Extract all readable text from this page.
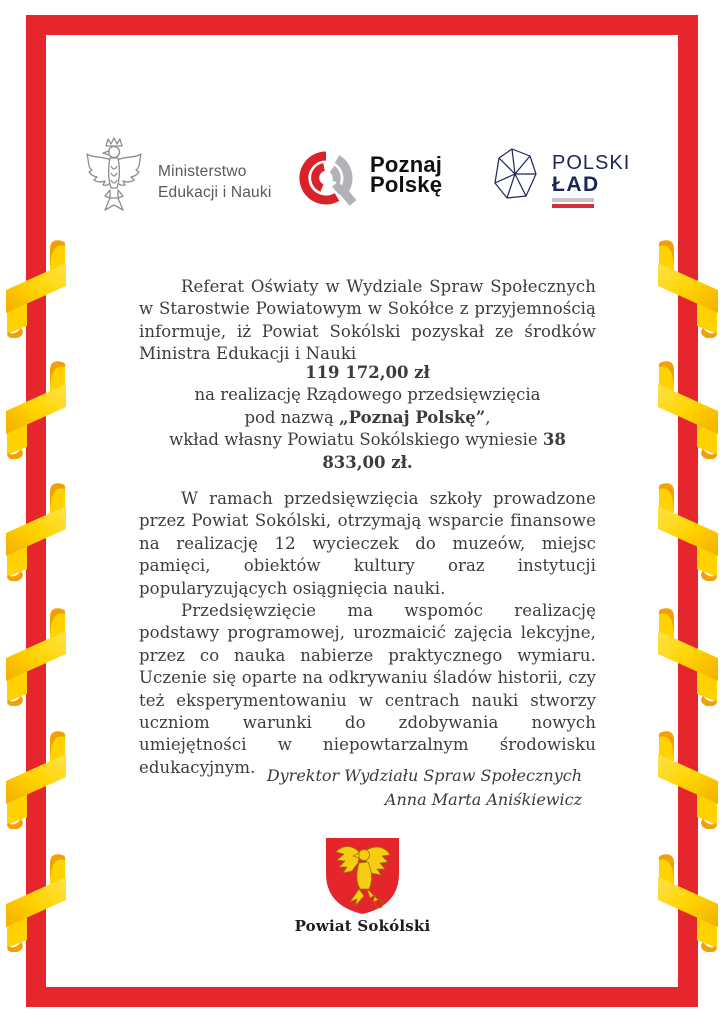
Ministerstwo
Edukacji i Nauki
Poznaj
Polskę
POLSKI
ŁAD

Referat Oświaty w Wydziale Spraw Społecznych w Starostwie Powiatowym w Sokółce z przyjemnością informuje, iż Powiat Sokólski pozyskał ze środków Ministra Edukacji i Nauki

119 172,00 zł
na realizację Rządowego przedsięwzięcia
pod nazwą „Poznaj Polskę”,
wkład własny Powiatu Sokólskiego wyniesie 38 833,00 zł.

W ramach przedsięwzięcia szkoły prowadzone przez Powiat Sokólski, otrzymają wsparcie finansowe na realizację 12 wycieczek do muzeów, miejsc pamięci, obiektów kultury oraz instytucji popularyzujących osiągnięcia nauki.

Przedsięwzięcie ma wspomóc realizację podstawy programowej, urozmaicić zajęcia lekcyjne, przez co nauka nabierze praktycznego wymiaru. Uczenie się oparte na odkrywaniu śladów historii, czy też eksperymentowaniu w centrach nauki stworzy uczniom warunki do zdobywania nowych umiejętności w niepowtarzalnym środowisku edukacyjnym. Dyrektor Wydziału Spraw Społecznych
Anna Marta Aniśkiewicz
Powiat Sokólski
